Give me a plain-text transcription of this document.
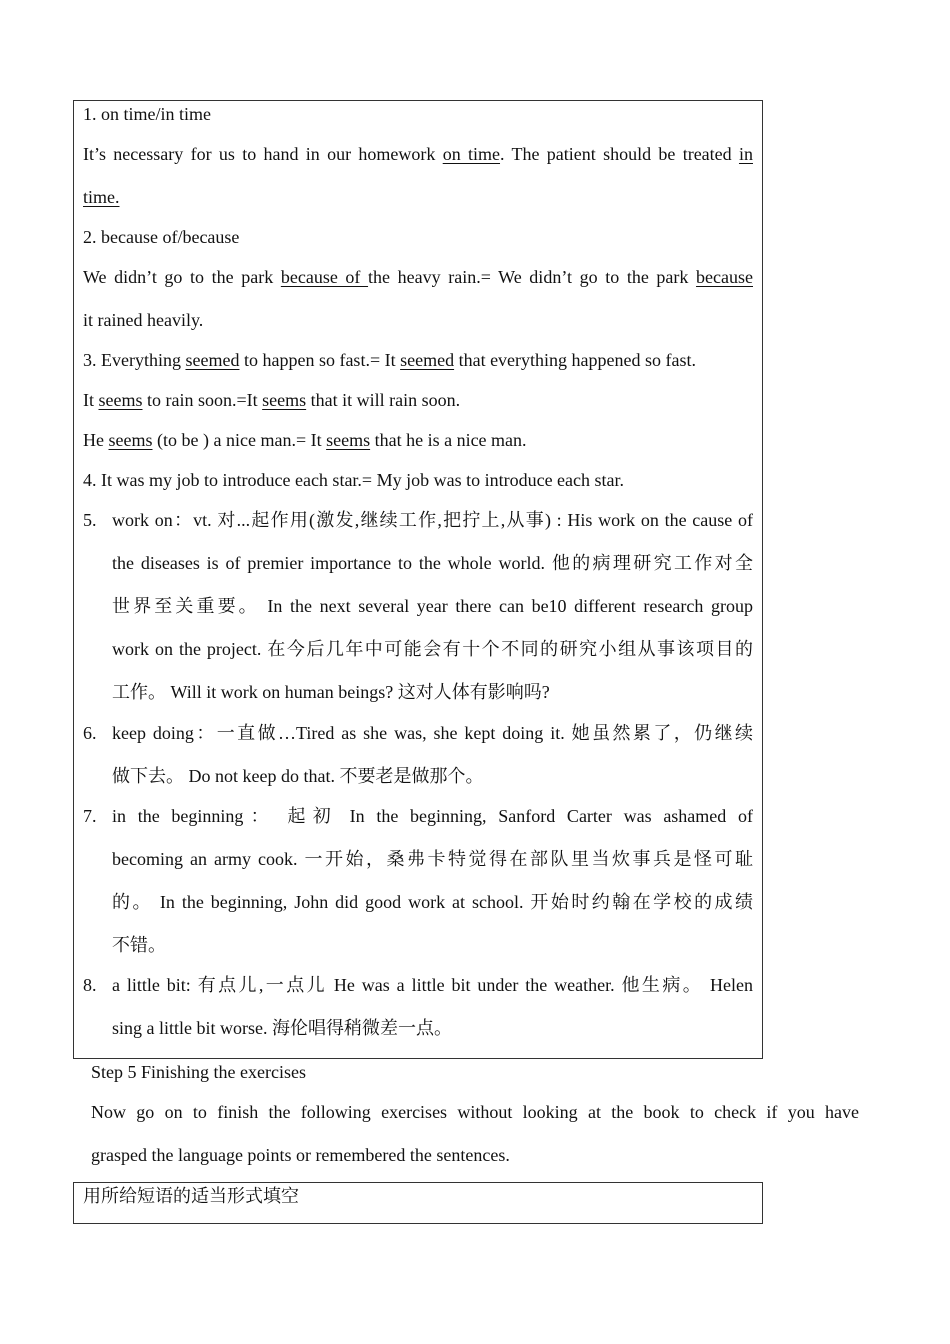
1. on time/in time
It’s necessary for us to hand in our homework on time. The patient should be treated in
time.
2. because of/because
We didn’t go to the park because of the heavy rain.= We didn’t go to the park because
it rained heavily.
3. Everything seemed to happen so fast.= It seemed that everything happened so fast.
It seems to rain soon.=It seems that it will rain soon.
He seems (to be ) a nice man.= It seems that he is a nice man.
4. It was my job to introduce each star.= My job was to introduce each star.
5. work on：vt. 对...起作用(激发,继续工作,把拧上,从事) : His work on the cause of
the diseases is of premier importance to the whole world. 他的病理研究工作对全
世界至关重要。 In the next several year there can be10 different research group
work on the project. 在今后几年中可能会有十个不同的研究小组从事该项目的
工作。 Will it work on human beings? 这对人体有影响吗?
6. keep doing：一直做…Tired as she was, she kept doing it. 她虽然累了，仍继续
做下去。 Do not keep do that. 不要老是做那个。
7. in the beginning： 起初 In the beginning, Sanford Carter was ashamed of
becoming an army cook. 一开始，桑弗卡特觉得在部队里当炊事兵是怪可耻
的。 In the beginning, John did good work at school. 开始时约翰在学校的成绩
不错。
8. a little bit: 有点儿,一点儿 He was a little bit under the weather. 他生病。 Helen
sing a little bit worse. 海伦唱得稍微差一点。
Step 5 Finishing the exercises
Now go on to finish the following exercises without looking at the book to check if you have
grasped the language points or remembered the sentences.
用所给短语的适当形式填空
